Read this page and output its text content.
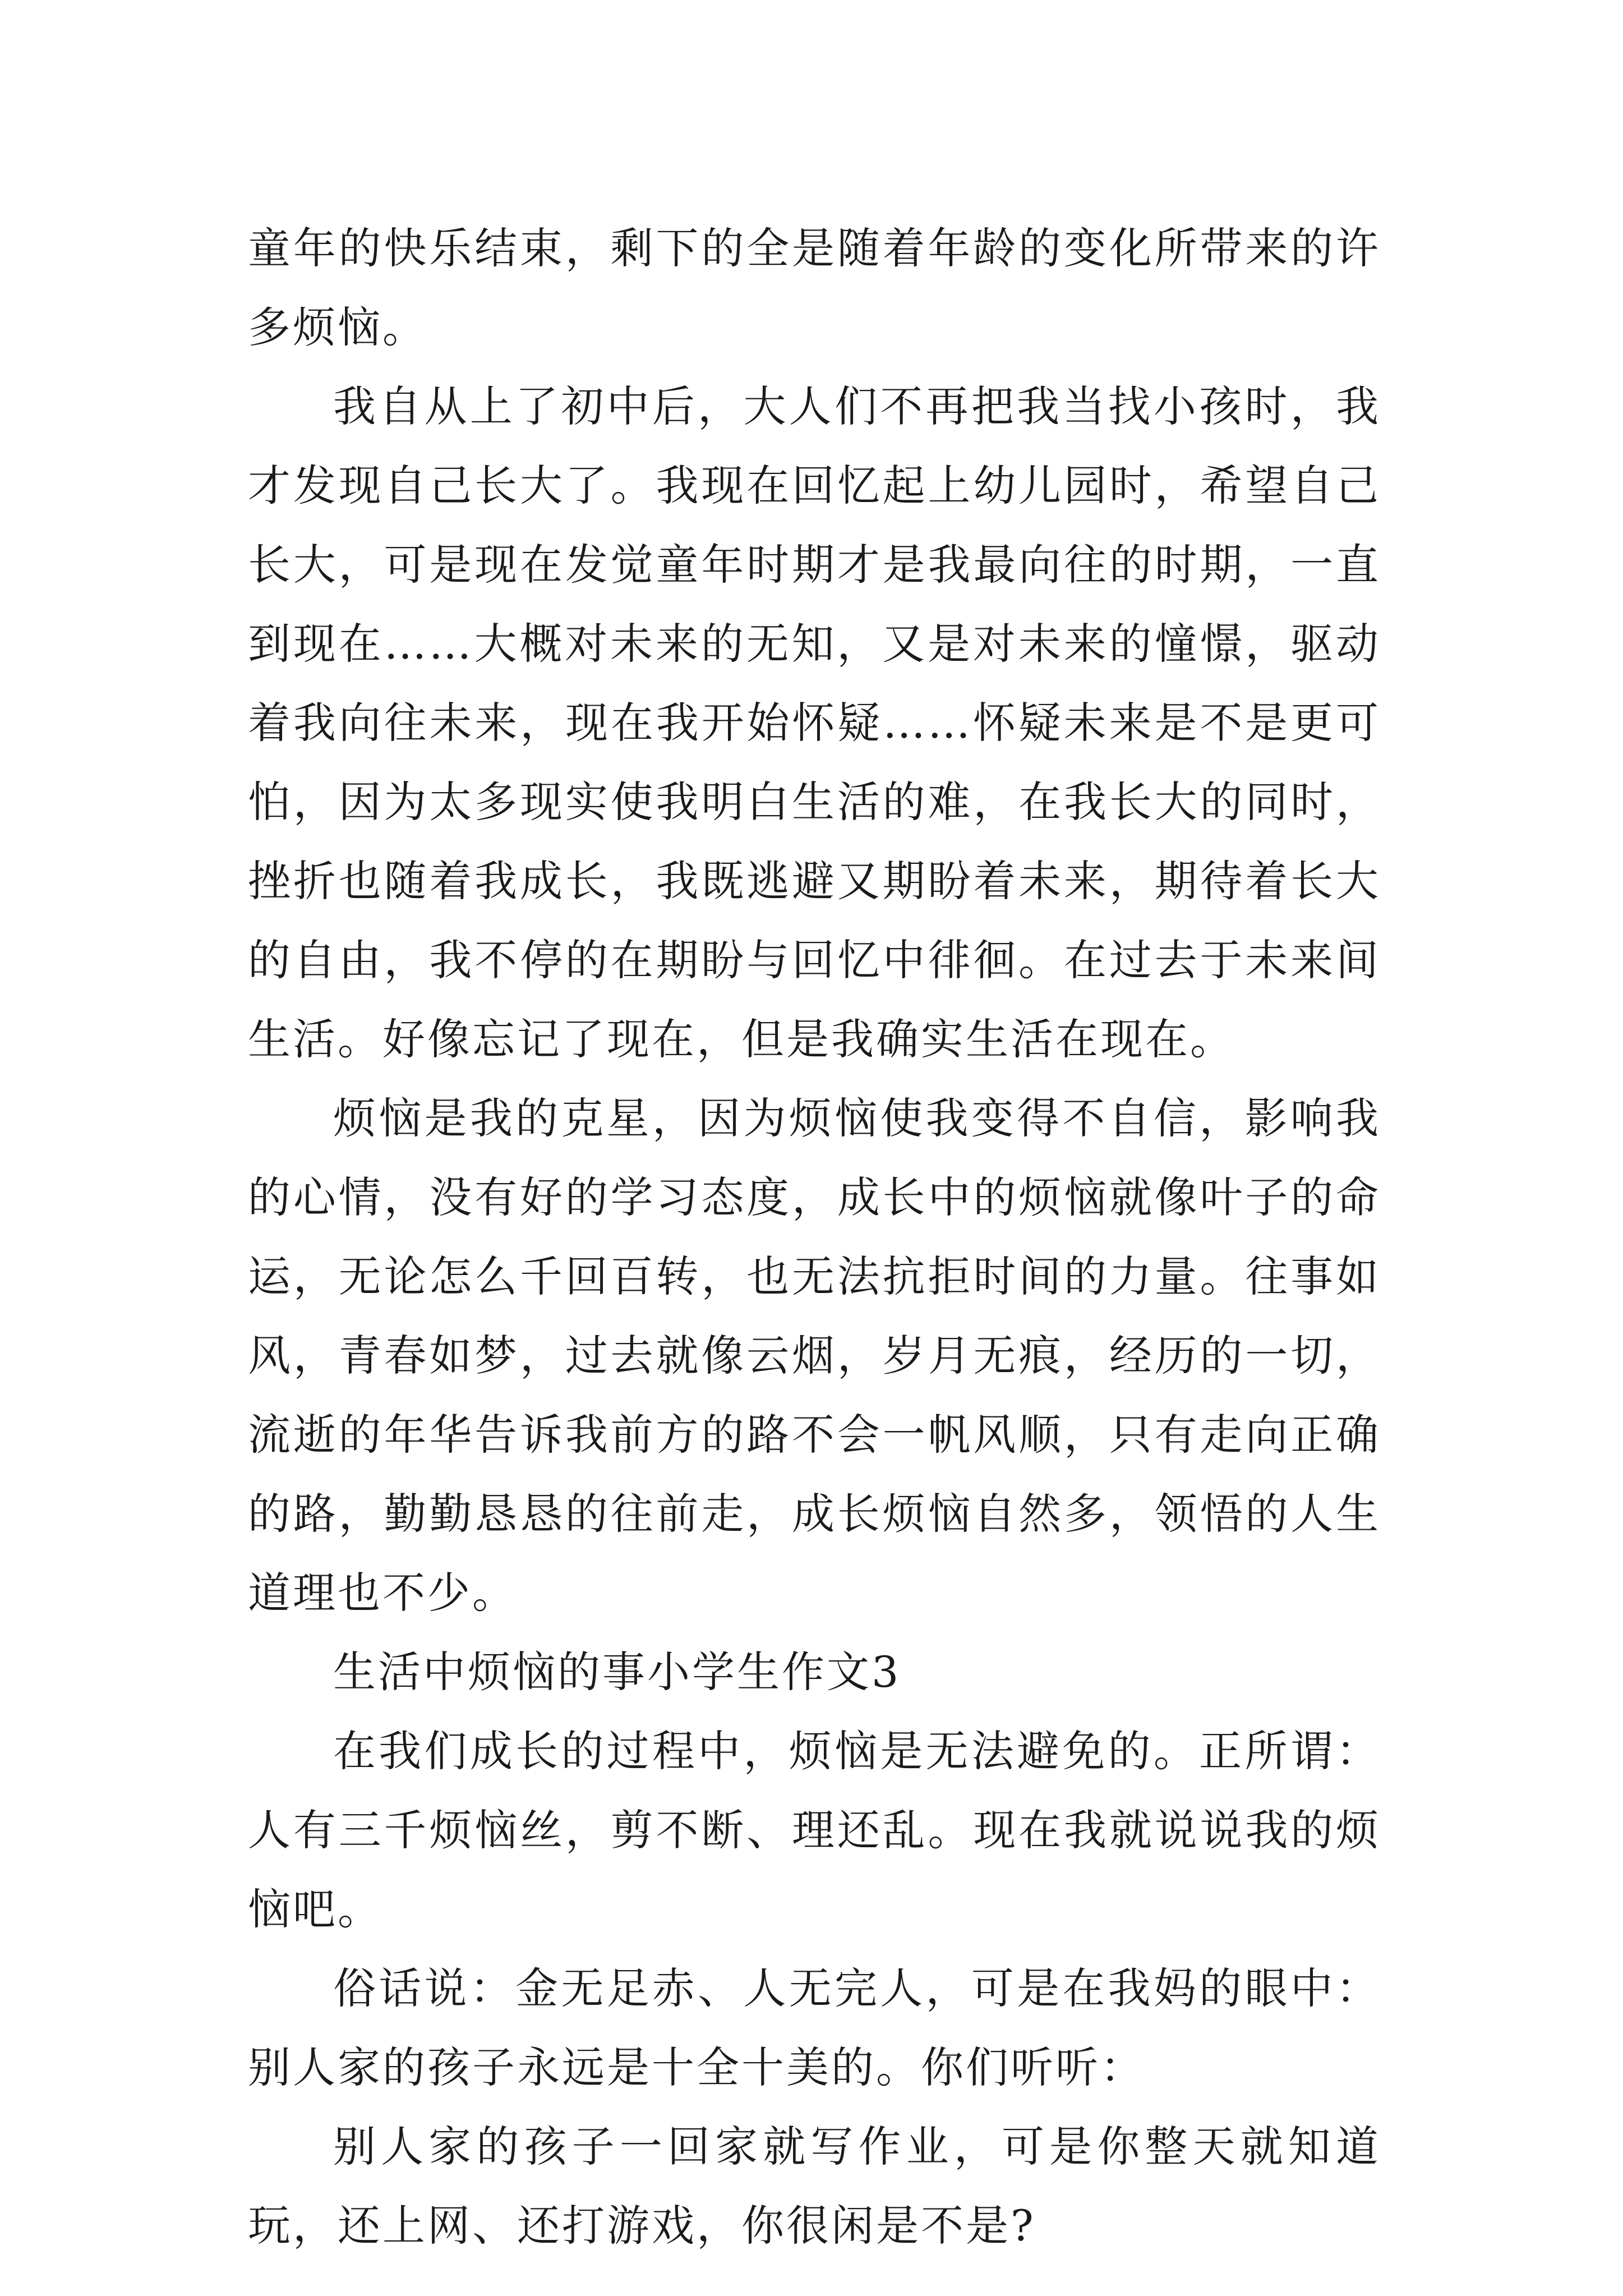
童年的快乐结束，剩下的全是随着年龄的变化所带来的许多烦恼。

我自从上了初中后，大人们不再把我当找小孩时，我才发现自己长大了。我现在回忆起上幼儿园时，希望自己长大，可是现在发觉童年时期才是我最向往的时期，一直到现在……大概对未来的无知，又是对未来的憧憬，驱动着我向往未来，现在我开始怀疑……怀疑未来是不是更可怕，因为太多现实使我明白生活的难，在我长大的同时，挫折也随着我成长，我既逃避又期盼着未来，期待着长大的自由，我不停的在期盼与回忆中徘徊。在过去于未来间生活。好像忘记了现在，但是我确实生活在现在。

烦恼是我的克星，因为烦恼使我变得不自信，影响我的心情，没有好的学习态度，成长中的烦恼就像叶子的命运，无论怎么千回百转，也无法抗拒时间的力量。往事如风，青春如梦，过去就像云烟，岁月无痕，经历的一切，流逝的年华告诉我前方的路不会一帆风顺，只有走向正确的路，勤勤恳恳的往前走，成长烦恼自然多，领悟的人生道理也不少。

生活中烦恼的事小学生作文3

在我们成长的过程中，烦恼是无法避免的。正所谓：人有三千烦恼丝，剪不断、理还乱。现在我就说说我的烦恼吧。

俗话说：金无足赤、人无完人，可是在我妈的眼中：别人家的孩子永远是十全十美的。你们听听：

别人家的孩子一回家就写作业，可是你整天就知道玩，还上网、还打游戏，你很闲是不是?
